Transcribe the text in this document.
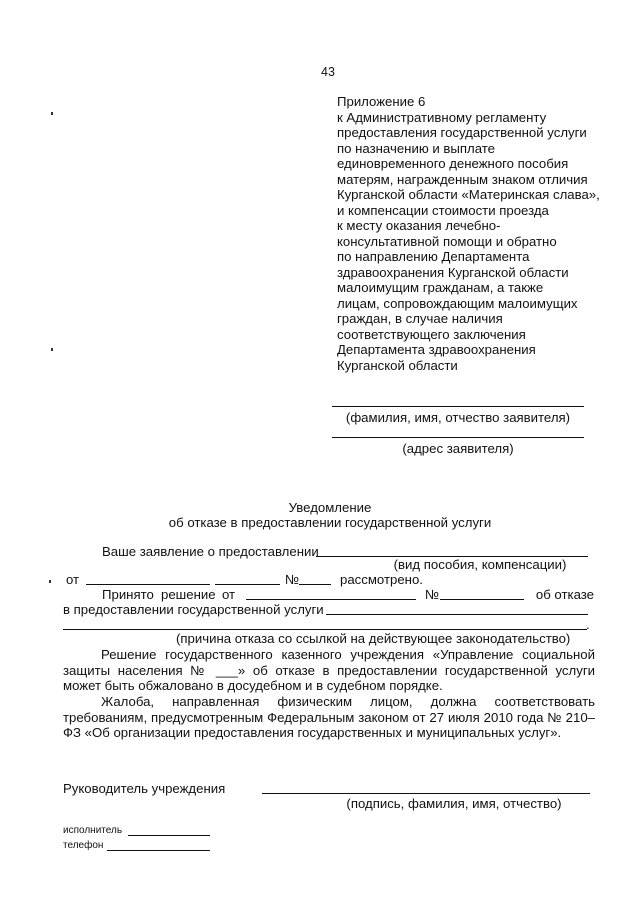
43
Приложение 6
к Административному регламенту
предоставления государственной услуги
по назначению и выплате
единовременного денежного пособия
матерям, награжденным знаком отличия
Курганской области «Материнская слава»,
и компенсации стоимости проезда
к месту оказания лечебно-
консультативной помощи и обратно
по направлению Департамента
здравоохранения Курганской области
малоимущим гражданам, а также
лицам, сопровождающим малоимущих
граждан, в случае наличия
соответствующего заключения
Департамента здравоохранения
Курганской области
(фамилия, имя, отчество заявителя)
(адрес заявителя)
Уведомление
об отказе в предоставлении государственной услуги
Ваше заявление о предоставлении
(вид пособия, компенсации)
от	№	рассмотрено.
Принято решение от	№	об отказе
в предоставлении государственной услуги
.
(причина отказа со ссылкой на действующее законодательство)
Решение государственного казенного учреждения «Управление социальной защиты населения № ___» об отказе в предоставлении государственной услуги может быть обжаловано в досудебном и в судебном порядке.
Жалоба, направленная физическим лицом, должна соответствовать требованиям, предусмотренным Федеральным законом от 27 июля 2010 года № 210–ФЗ «Об организации предоставления государственных и муниципальных услуг».
Руководитель учреждения
(подпись, фамилия, имя, отчество)
исполнитель
телефон
